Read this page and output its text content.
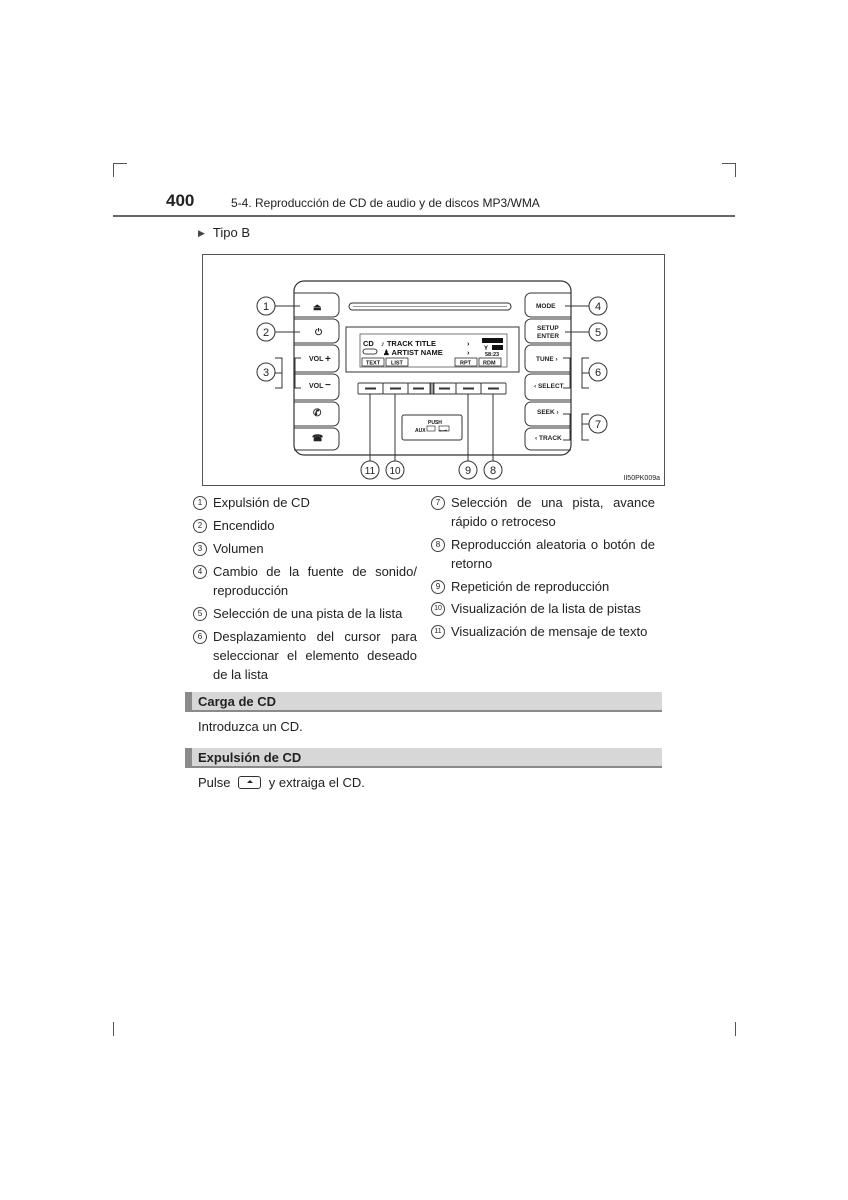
400	5-4. Reproducción de CD de audio y de discos MP3/WMA
▶ Tipo B
⏏
⏻
VOL +
VOL −
✆
☎
MODE
SETUP
ENTER
TUNE ›
‹ SELECT
SEEK ›
‹ TRACK
CD ♪ TRACK TITLE
♟ ARTIST NAME
›
›	58:23
Y
TEXT LIST	RPT RDM
PUSH
AUX	⭠⊸
1
2
3
4
5
6
7
8
9
10
11
II50PK009a
1 Expulsión de CD
2 Encendido
3 Volumen
4 Cambio de la fuente de sonido/ reproducción
5 Selección de una pista de la lista
6 Desplazamiento del cursor para seleccionar el elemento deseado de la lista
7 Selección de una pista, avance rápido o retroceso
8 Reproducción aleatoria o botón de retorno
9 Repetición de reproducción
10 Visualización de la lista de pistas
11 Visualización de mensaje de texto
Carga de CD
Introduzca un CD.
Expulsión de CD
Pulse	y extraiga el CD.
